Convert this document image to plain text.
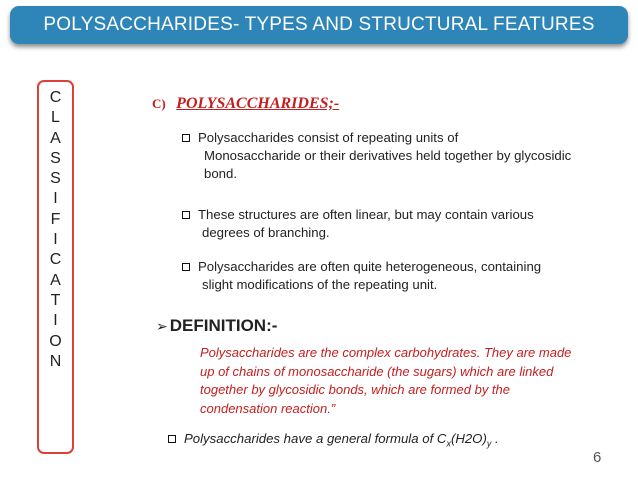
POLYSACCHARIDES- TYPES AND STRUCTURAL FEATURES
C
L
A
S
S
I
F
I
C
A
T
I
O
N
C) POLYSACCHARIDES;-
Polysaccharides consist of repeating units of
Monosaccharide or their derivatives held together by glycosidic bond.
These structures are often linear, but may contain various
degrees of branching.
Polysaccharides are often quite heterogeneous, containing
slight modifications of the repeating unit.
➢ DEFINITION:-
Polysaccharides are the complex carbohydrates. They are made up of chains of monosaccharide (the sugars) which are linked together by glycosidic bonds, which are formed by the condensation reaction.”
Polysaccharides have a general formula of $C_x(H2O)_y$ .
6
